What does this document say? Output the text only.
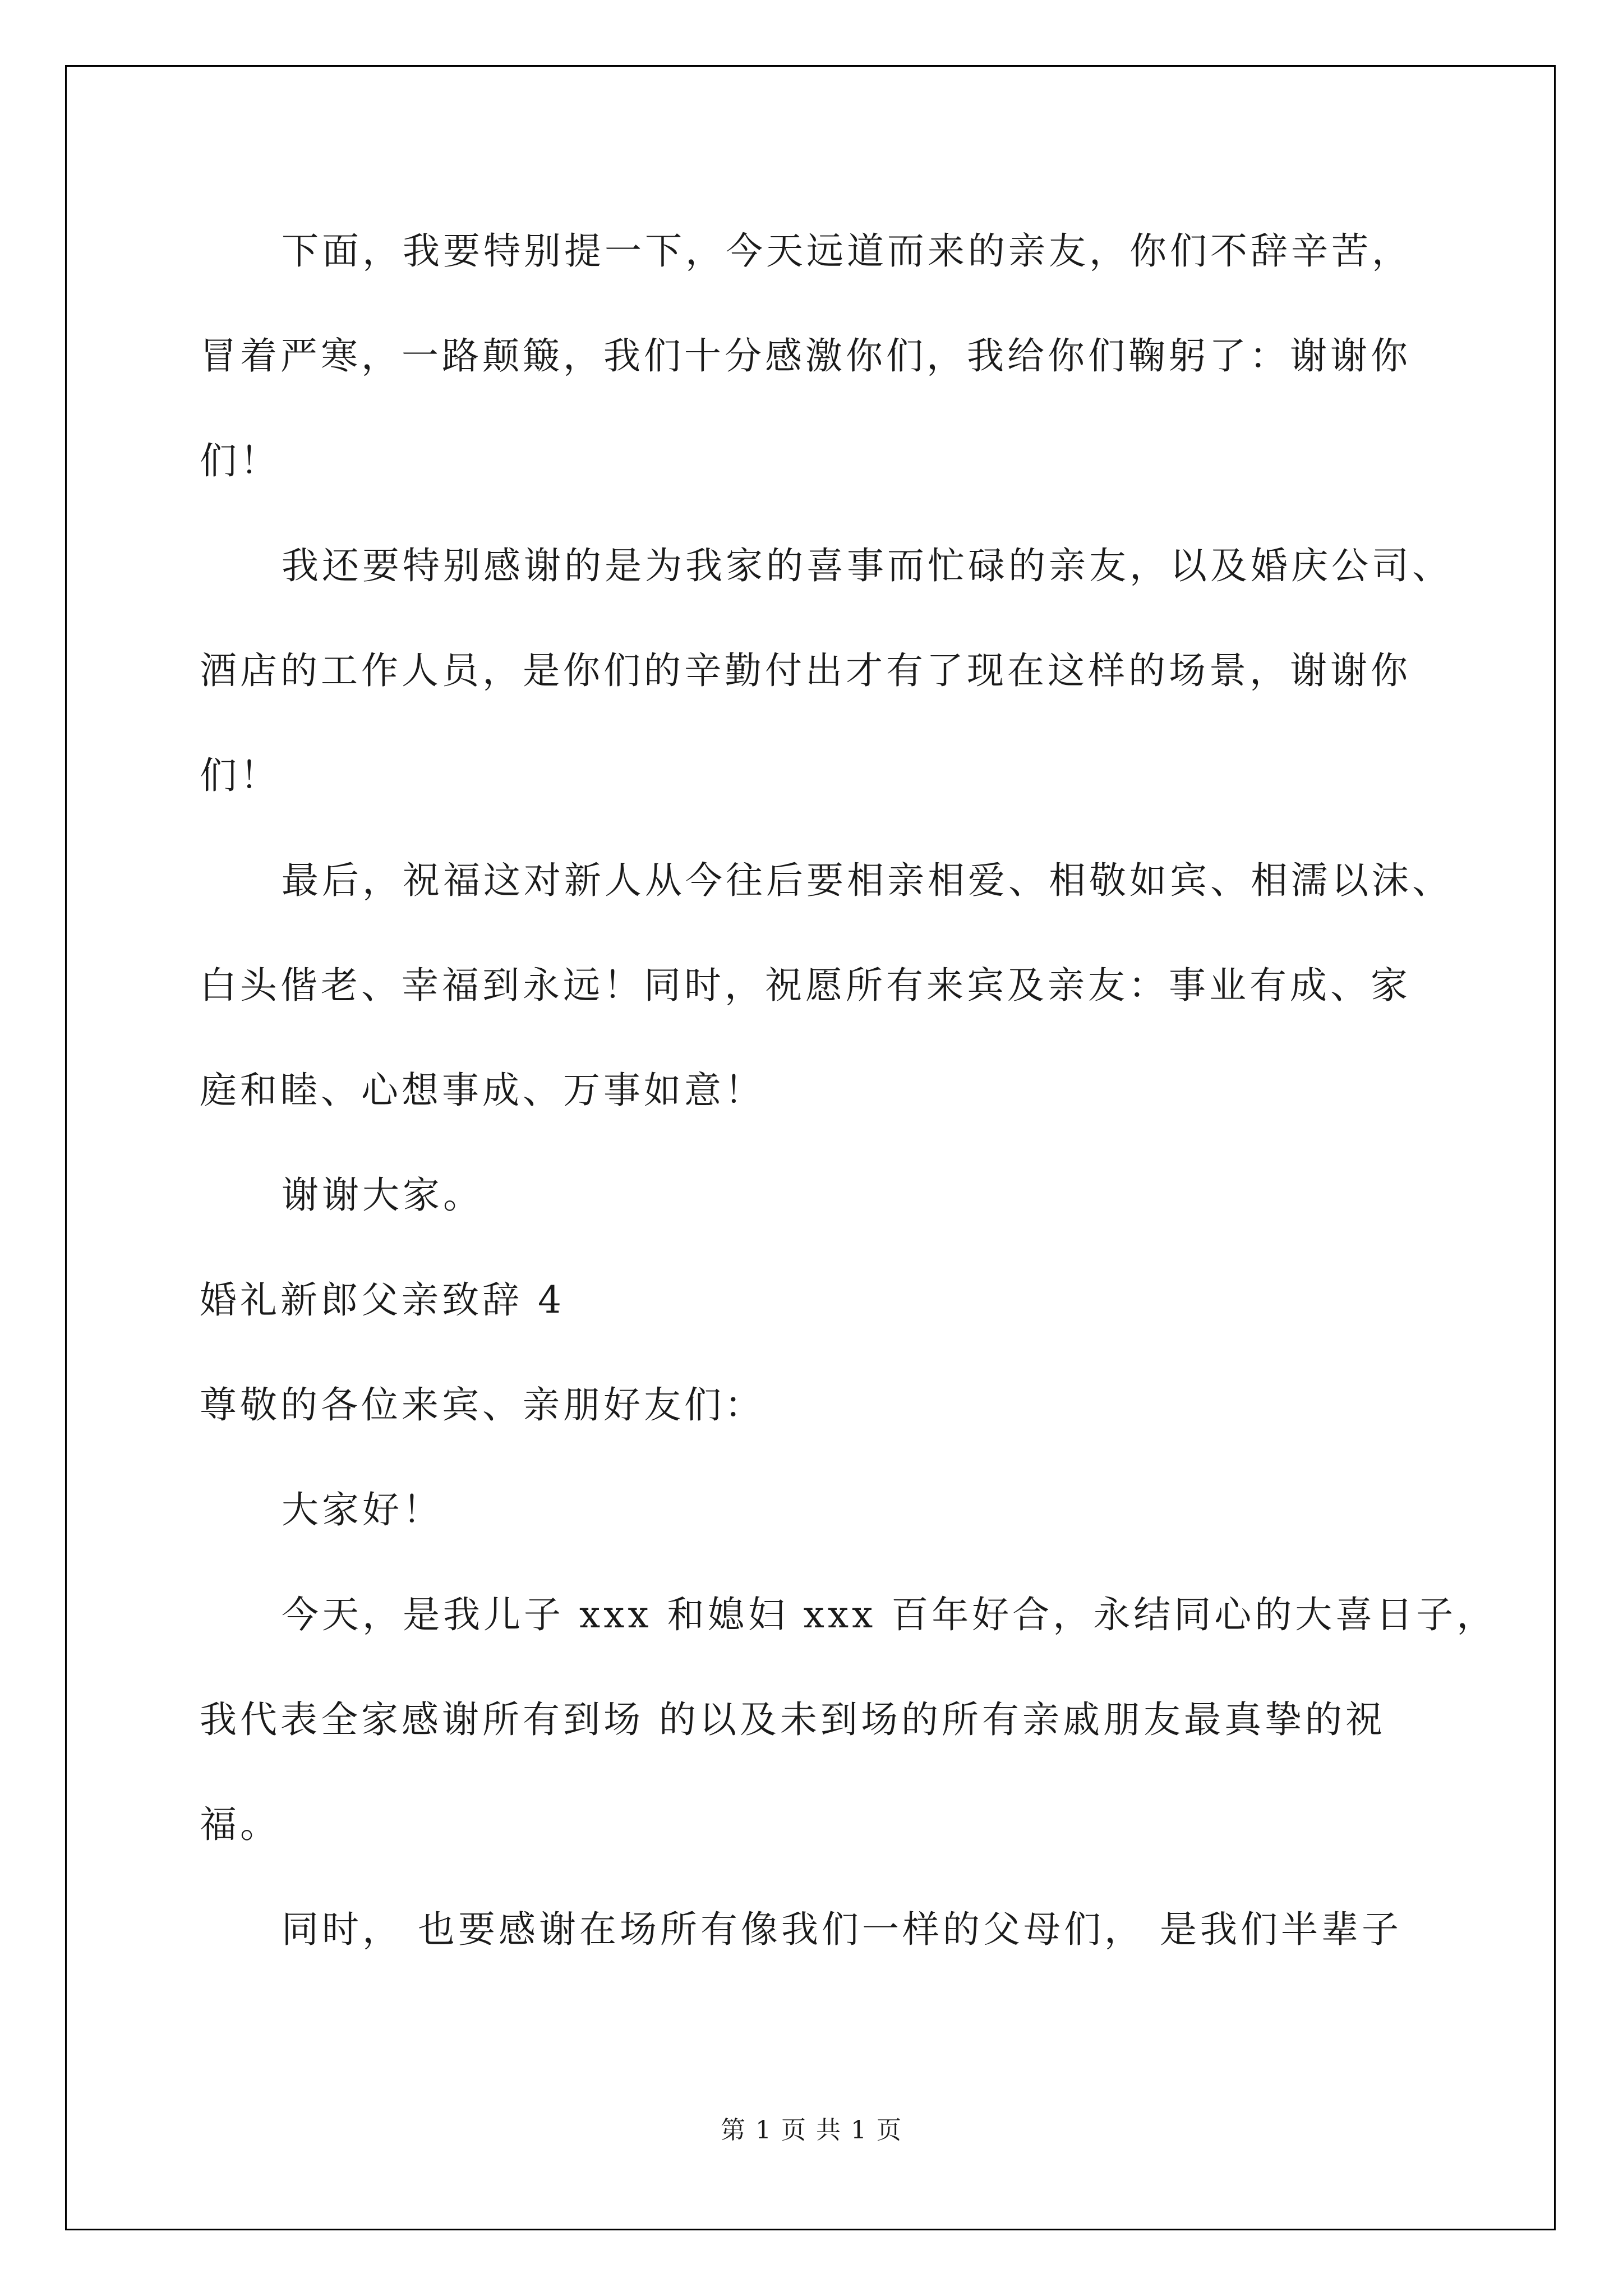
下面，我要特别提一下，今天远道而来的亲友，你们不辞辛苦，
冒着严寒，一路颠簸，我们十分感激你们，我给你们鞠躬了：谢谢你
们！
我还要特别感谢的是为我家的喜事而忙碌的亲友，以及婚庆公司、
酒店的工作人员，是你们的辛勤付出才有了现在这样的场景，谢谢你
们！
最后，祝福这对新人从今往后要相亲相爱、相敬如宾、相濡以沫、
白头偕老、幸福到永远！同时，祝愿所有来宾及亲友：事业有成、家
庭和睦、心想事成、万事如意！
谢谢大家。
婚礼新郎父亲致辞 4
尊敬的各位来宾、亲朋好友们：
大家好！
今天，是我儿子 xxx 和媳妇 xxx 百年好合，永结同心的大喜日子，
我代表全家感谢所有到场 的以及未到场的所有亲戚朋友最真挚的祝
福。
同时， 也要感谢在场所有像我们一样的父母们， 是我们半辈子
第 1 页 共 1 页
